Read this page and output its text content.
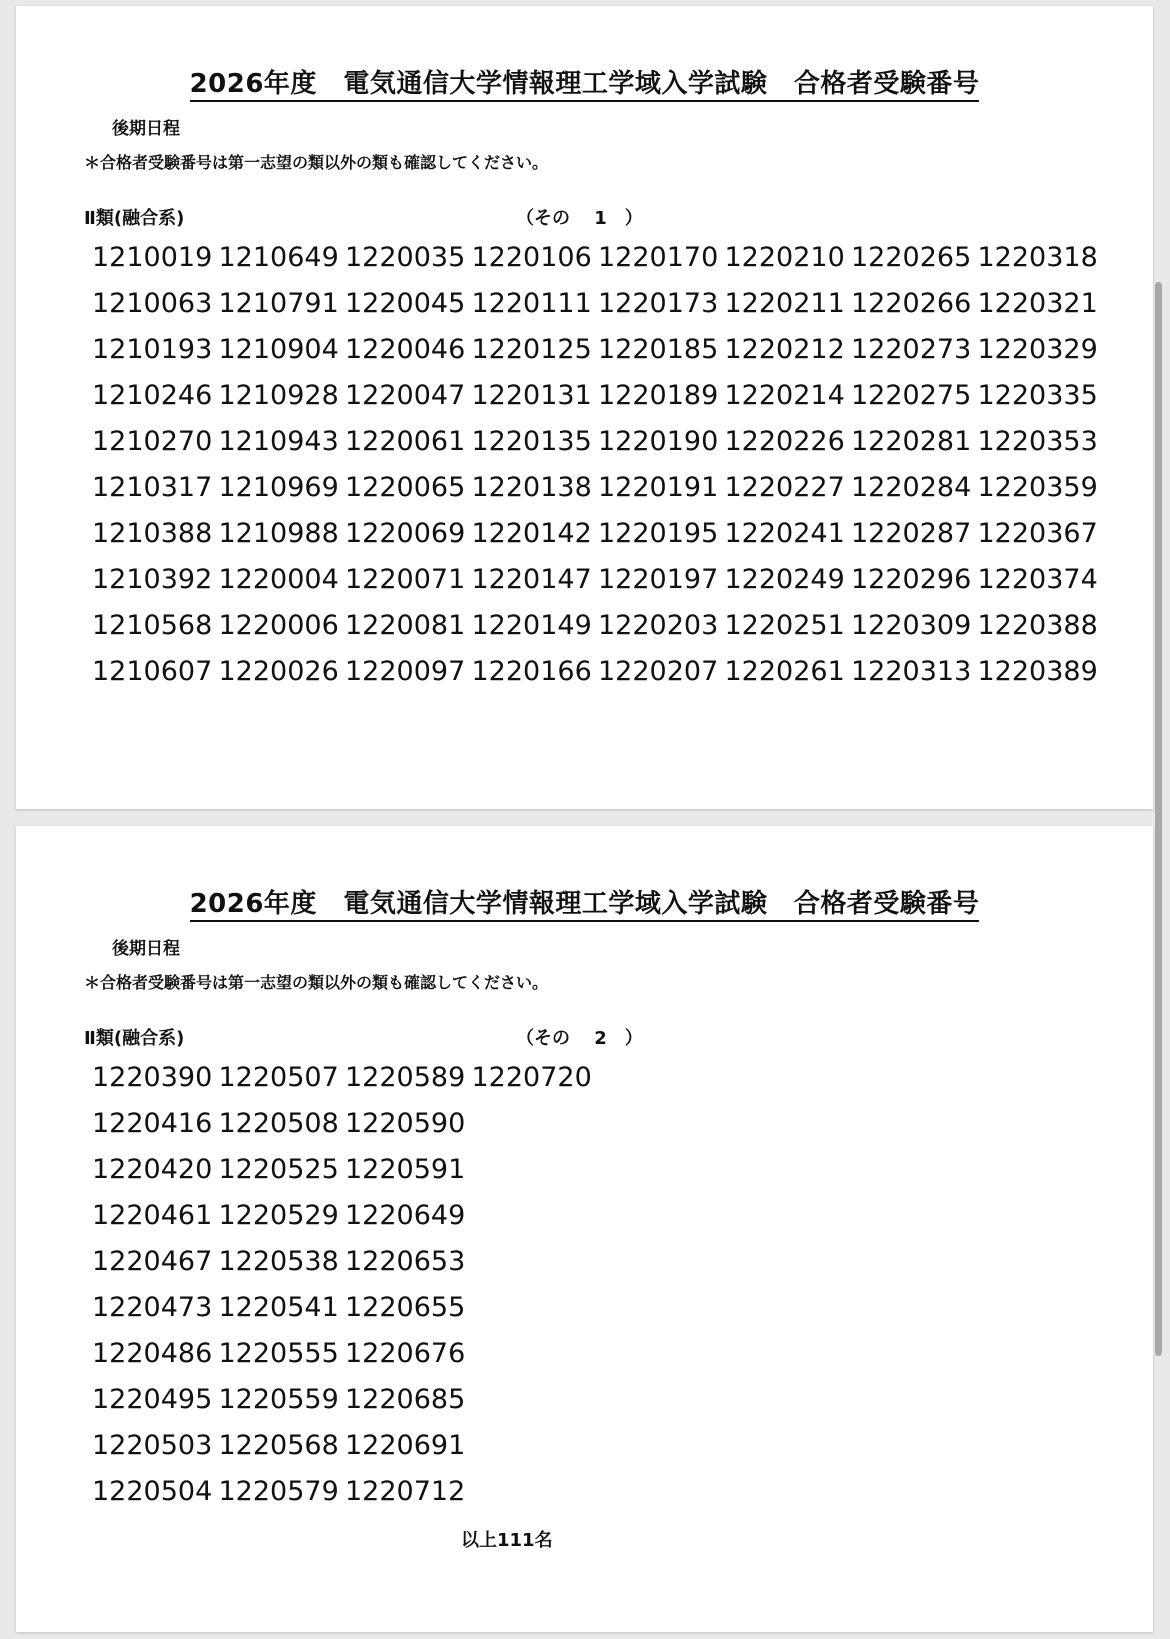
2026年度　電気通信大学情報理工学域入学試験　合格者受験番号
後期日程
＊合格者受験番号は第一志望の類以外の類も確認してください。
Ⅱ類(融合系)	（その　 1　）
1210019
1210063
1210193
1210246
1210270
1210317
1210388
1210392
1210568
1210607
1210649
1210791
1210904
1210928
1210943
1210969
1210988
1220004
1220006
1220026
1220035
1220045
1220046
1220047
1220061
1220065
1220069
1220071
1220081
1220097
1220106
1220111
1220125
1220131
1220135
1220138
1220142
1220147
1220149
1220166
1220170
1220173
1220185
1220189
1220190
1220191
1220195
1220197
1220203
1220207
1220210
1220211
1220212
1220214
1220226
1220227
1220241
1220249
1220251
1220261
1220265
1220266
1220273
1220275
1220281
1220284
1220287
1220296
1220309
1220313
1220318
1220321
1220329
1220335
1220353
1220359
1220367
1220374
1220388
1220389
2026年度　電気通信大学情報理工学域入学試験　合格者受験番号
後期日程
＊合格者受験番号は第一志望の類以外の類も確認してください。
Ⅱ類(融合系)	（その　 2　）
1220390
1220416
1220420
1220461
1220467
1220473
1220486
1220495
1220503
1220504
1220507
1220508
1220525
1220529
1220538
1220541
1220555
1220559
1220568
1220579
1220589
1220590
1220591
1220649
1220653
1220655
1220676
1220685
1220691
1220712
1220720
以上111名
